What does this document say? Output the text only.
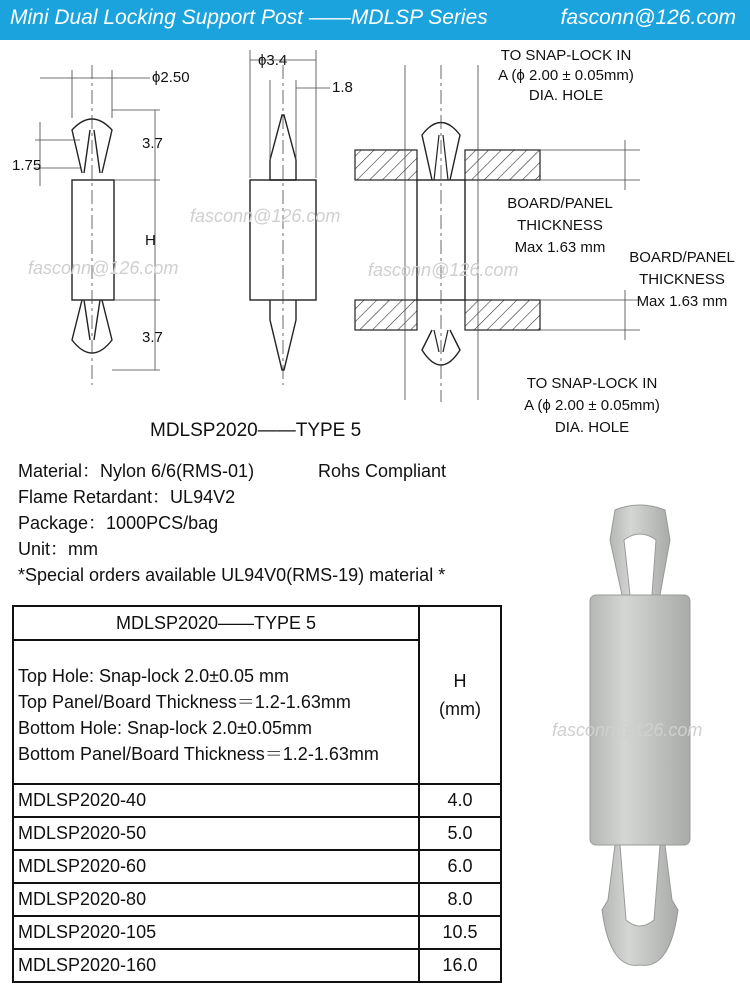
Mini Dual Locking Support Post ——MDLSP Series	fasconn@126.com
ϕ2.50
ϕ3.4
1.8
3.7
1.75
H
3.7
TO SNAP-LOCK IN
A (ϕ 2.00 ± 0.05mm)
DIA. HOLE
BOARD/PANEL
THICKNESS
Max 1.63 mm
BOARD/PANEL
THICKNESS
Max 1.63 mm
TO SNAP-LOCK IN
A (ϕ 2.00 ± 0.05mm)
DIA. HOLE
MDLSP2020——TYPE 5
fasconn@126.com
fasconn@126.com	fasconn@126.com
Material：Nylon 6/6(RMS-01)
Flame Retardant：UL94V2
Package：1000PCS/bag
Unit：mm
*Special orders available UL94V0(RMS-19) material *
Rohs Compliant
MDLSP2020——TYPE 5	H
(mm)

Top Hole: Snap-lock 2.0±0.05 mm
Top Panel/Board Thickness＝1.2-1.63mm
Bottom Hole: Snap-lock 2.0±0.05mm
Bottom Panel/Board Thickness＝1.2-1.63mm	

MDLSP2020-40	4.0
MDLSP2020-50	5.0
MDLSP2020-60	6.0
MDLSP2020-80	8.0
MDLSP2020-105	10.5
MDLSP2020-160	16.0
fasconn@126.com
